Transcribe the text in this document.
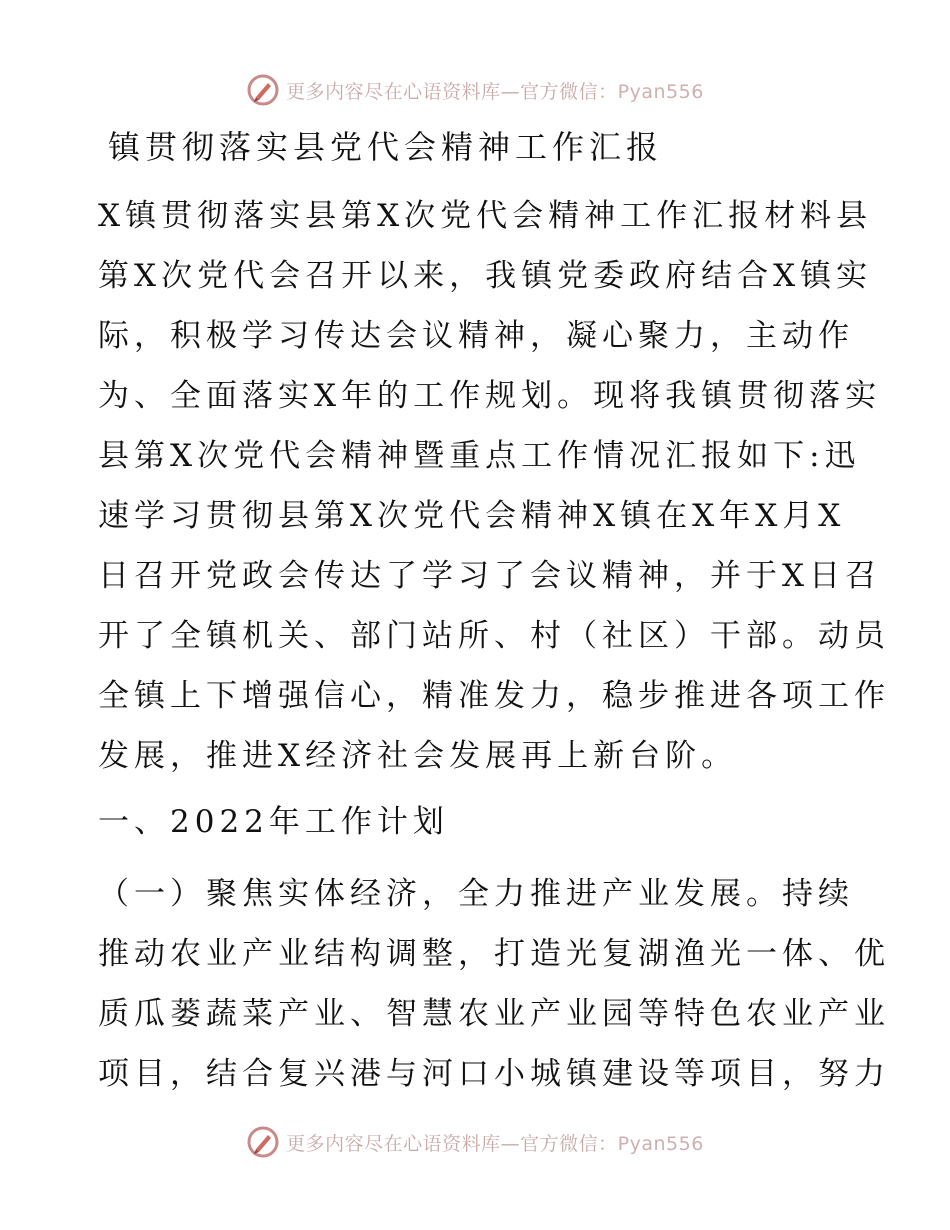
更多内容尽在心语资料库—官方微信：Pyan556
镇贯彻落实县党代会精神工作汇报
X镇贯彻落实县第X次党代会精神工作汇报材料县
第X次党代会召开以来，我镇党委政府结合X镇实
际，积极学习传达会议精神，凝心聚力，主动作
为、全面落实X年的工作规划。现将我镇贯彻落实
县第X次党代会精神暨重点工作情况汇报如下:迅
速学习贯彻县第X次党代会精神X镇在X年X月X
日召开党政会传达了学习了会议精神，并于X日召
开了全镇机关、部门站所、村（社区）干部。动员
全镇上下增强信心，精准发力，稳步推进各项工作
发展，推进X经济社会发展再上新台阶。
一、2022年工作计划
（一）聚焦实体经济，全力推进产业发展。持续
推动农业产业结构调整，打造光复湖渔光一体、优
质瓜蒌蔬菜产业、智慧农业产业园等特色农业产业
项目，结合复兴港与河口小城镇建设等项目，努力
更多内容尽在心语资料库—官方微信：Pyan556
